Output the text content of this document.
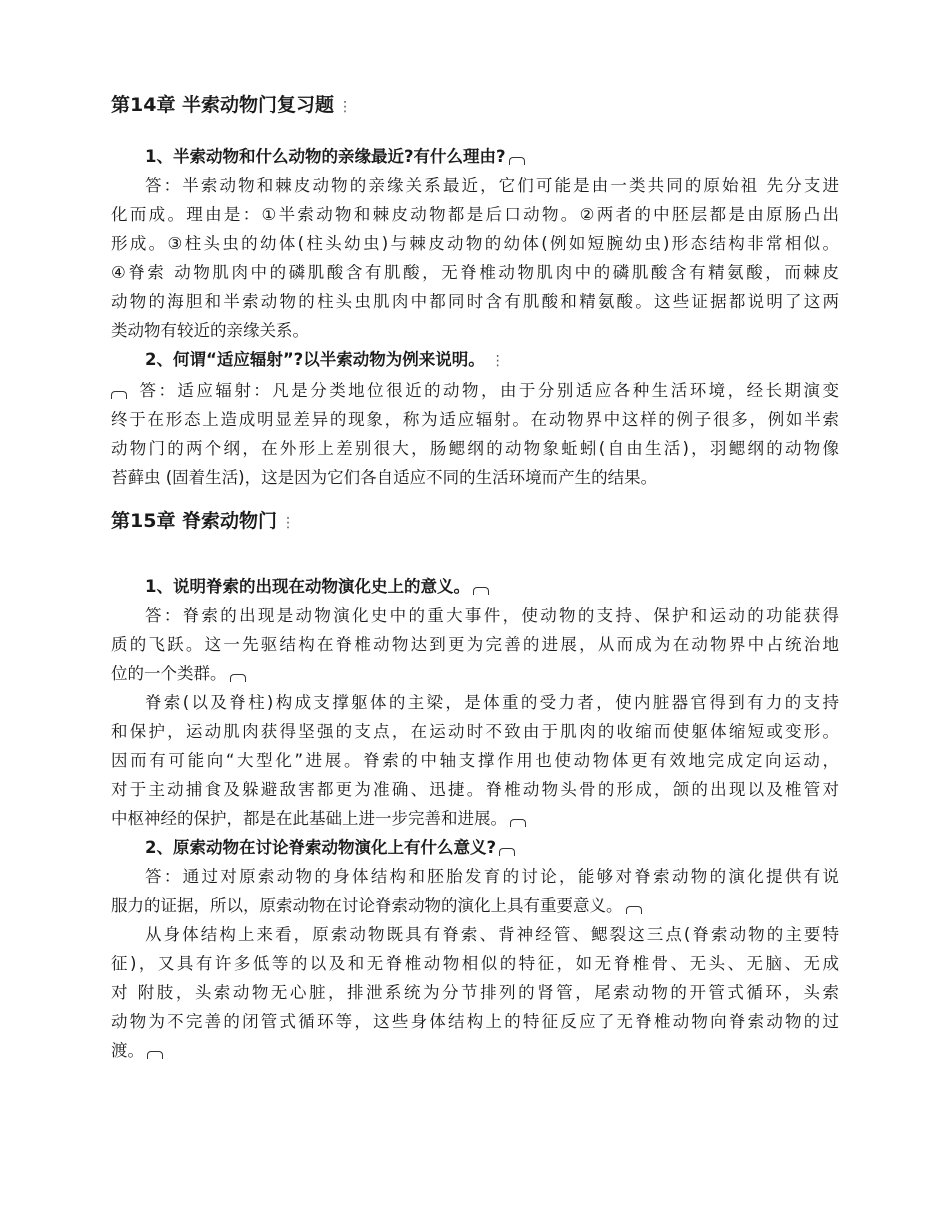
第14章 半索动物门复习题 ⋮

1、半索动物和什么动物的亲缘最近?有什么理由?

答：半索动物和棘皮动物的亲缘关系最近，它们可能是由一类共同的原始祖 先分支进
化而成。理由是：①半索动物和棘皮动物都是后口动物。②两者的中胚层都是由原肠凸出
形成。③柱头虫的幼体(柱头幼虫)与棘皮动物的幼体(例如短腕幼虫)形态结构非常相似。
④脊索 动物肌肉中的磷肌酸含有肌酸，无脊椎动物肌肉中的磷肌酸含有精氨酸，而棘皮
动物的海胆和半索动物的柱头虫肌肉中都同时含有肌酸和精氨酸。这些证据都说明了这两
类动物有较近的亲缘关系。

2、何谓“适应辐射”?以半索动物为例来说明。 ⋮

答：适应辐射：凡是分类地位很近的动物，由于分别适应各种生活环境，经长期演变
终于在形态上造成明显差异的现象，称为适应辐射。在动物界中这样的例子很多，例如半索
动物门的两个纲，在外形上差别很大，肠鳃纲的动物象蚯蚓(自由生活)，羽鳃纲的动物像
苔藓虫 (固着生活)，这是因为它们各自适应不同的生活环境而产生的结果。
第15章 脊索动物门 ⋮

1、说明脊索的出现在动物演化史上的意义。

答：脊索的出现是动物演化史中的重大事件，使动物的支持、保护和运动的功能获得
质的飞跃。这一先驱结构在脊椎动物达到更为完善的进展，从而成为在动物界中占统治地
位的一个类群。
脊索(以及脊柱)构成支撑躯体的主梁，是体重的受力者，使内脏器官得到有力的支持
和保护，运动肌肉获得坚强的支点，在运动时不致由于肌肉的收缩而使躯体缩短或变形。
因而有可能向“大型化”进展。脊索的中轴支撑作用也使动物体更有效地完成定向运动，
对于主动捕食及躲避敌害都更为准确、迅捷。脊椎动物头骨的形成，颌的出现以及椎管对
中枢神经的保护，都是在此基础上进一步完善和进展。

2、原索动物在讨论脊索动物演化上有什么意义?

答：通过对原索动物的身体结构和胚胎发育的讨论，能够对脊索动物的演化提供有说
服力的证据，所以，原索动物在讨论脊索动物的演化上具有重要意义。
从身体结构上来看，原索动物既具有脊索、背神经管、鳃裂这三点(脊索动物的主要特
征)，又具有许多低等的以及和无脊椎动物相似的特征，如无脊椎骨、无头、无脑、无成
对 附肢，头索动物无心脏，排泄系统为分节排列的肾管，尾索动物的开管式循环，头索
动物为不完善的闭管式循环等，这些身体结构上的特征反应了无脊椎动物向脊索动物的过
渡。
